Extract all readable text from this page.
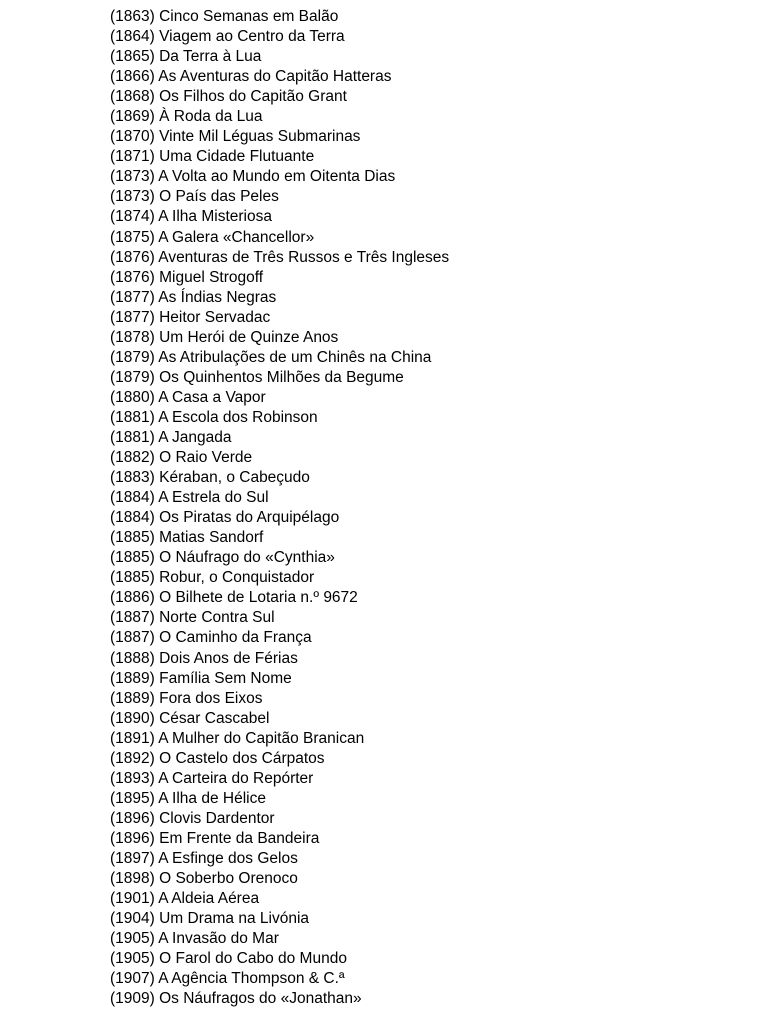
(1863) Cinco Semanas em Balão
(1864) Viagem ao Centro da Terra
(1865) Da Terra à Lua
(1866) As Aventuras do Capitão Hatteras
(1868) Os Filhos do Capitão Grant
(1869) À Roda da Lua
(1870) Vinte Mil Léguas Submarinas
(1871) Uma Cidade Flutuante
(1873) A Volta ao Mundo em Oitenta Dias
(1873) O País das Peles
(1874) A Ilha Misteriosa
(1875) A Galera «Chancellor»
(1876) Aventuras de Três Russos e Três Ingleses
(1876) Miguel Strogoff
(1877) As Índias Negras
(1877) Heitor Servadac
(1878) Um Herói de Quinze Anos
(1879) As Atribulações de um Chinês na China
(1879) Os Quinhentos Milhões da Begume
(1880) A Casa a Vapor
(1881) A Escola dos Robinson
(1881) A Jangada
(1882) O Raio Verde
(1883) Kéraban, o Cabeçudo
(1884) A Estrela do Sul
(1884) Os Piratas do Arquipélago
(1885) Matias Sandorf
(1885) O Náufrago do «Cynthia»
(1885) Robur, o Conquistador
(1886) O Bilhete de Lotaria n.º 9672
(1887) Norte Contra Sul
(1887) O Caminho da França
(1888) Dois Anos de Férias
(1889) Família Sem Nome
(1889) Fora dos Eixos
(1890) César Cascabel
(1891) A Mulher do Capitão Branican
(1892) O Castelo dos Cárpatos
(1893) A Carteira do Repórter
(1895) A Ilha de Hélice
(1896) Clovis Dardentor
(1896) Em Frente da Bandeira
(1897) A Esfinge dos Gelos
(1898) O Soberbo Orenoco
(1901) A Aldeia Aérea
(1904) Um Drama na Livónia
(1905) A Invasão do Mar
(1905) O Farol do Cabo do Mundo
(1907) A Agência Thompson & C.ª
(1909) Os Náufragos do «Jonathan»
